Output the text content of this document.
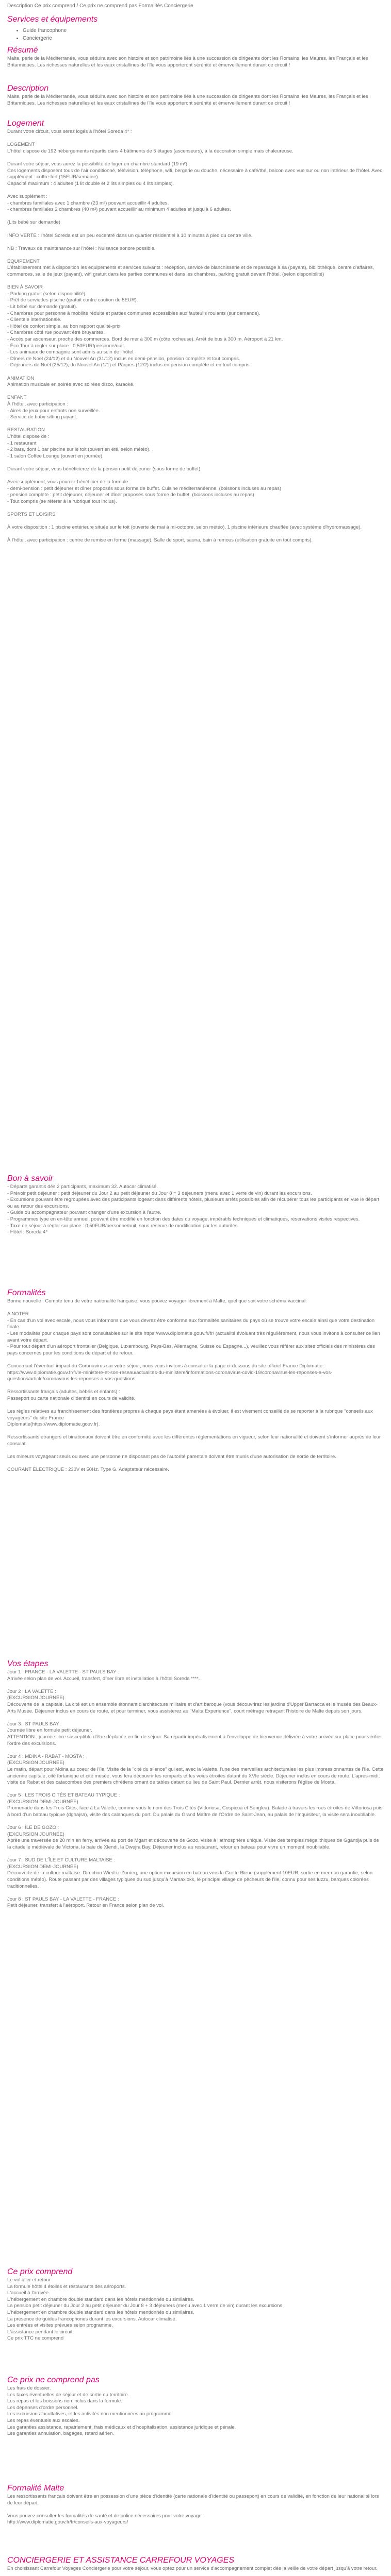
Description Ce prix comprend / Ce prix ne comprend pas Formalités Conciergerie
Services et équipements
• Guide francophone
• Conciergerie
Résumé

Malte, perle de la Méditerranée, vous séduira avec son histoire et son patrimoine liés à une succession de dirigeants dont les Romains, les Maures, les Français et les Britanniques. Les richesses naturelles et les eaux cristallines de l'île vous apporteront sérénité et émerveillement durant ce circuit !

Description

Malte, perle de la Méditerranée, vous séduira avec son histoire et son patrimoine liés à une succession de dirigeants dont les Romains, les Maures, les Français et les Britanniques. Les richesses naturelles et les eaux cristallines de l'île vous apporteront sérénité et émerveillement durant ce circuit !

Logement

Durant votre circuit, vous serez logés à l'hôtel Soreda 4* :

LOGEMENT
L'hôtel dispose de 192 hébergements répartis dans 4 bâtiments de 5 étages (ascenseurs), à la décoration simple mais chaleureuse.

Durant votre séjour, vous aurez la possibilité de loger en chambre standard (19 m²) :
Ces logements disposent tous de l'air conditionné, télévision, téléphone, wifi, bergerie ou douche, nécessaire à café/thé, balcon avec vue sur ou non intérieur de l'hôtel. Avec supplément : coffre-fort (15EUR/semaine).
Capacité maximum : 4 adultes (1 lit double et 2 lits simples ou 4 lits simples).

Avec supplément :
- chambres familiales avec 1 chambre (23 m²) pouvant accueillir 4 adultes.
- chambres familiales 2 chambres (40 m²) pouvant accueillir au minimum 4 adultes et jusqu'à 6 adultes.

(Lits bébé sur demande)

INFO VERTE : l'hôtel Soreda est un peu excentré dans un quartier résidentiel à 10 minutes à pied du centre ville.

NB : Travaux de maintenance sur l'hôtel : Nuisance sonore possible.

ÉQUIPEMENT
L'établissement met à disposition les équipements et services suivants : réception, service de blanchisserie et de repassage à sa (payant), bibliothèque, centre d'affaires, commerces, salle de jeux (payant), wifi gratuit dans les parties communes et dans les chambres, parking gratuit devant l'hôtel. (selon disponibilité)

BIEN À SAVOIR
- Parking gratuit (selon disponibilité).
- Prêt de serviettes piscine (gratuit contre caution de 5EUR).
- Lit bébé sur demande (gratuit).
- Chambres pour personne à mobilité réduite et parties communes accessibles aux fauteuils roulants (sur demande).
- Clientèle internationale.
- Hôtel de confort simple, au bon rapport qualité-prix.
- Chambres côté rue pouvant être bruyantes.
- Accès par ascenseur, proche des commerces. Bord de mer à 300 m (côte rocheuse). Arrêt de bus à 300 m. Aéroport à 21 km.
- Éco Tour à régler sur place : 0,50EUR/personne/nuit.
- Les animaux de compagnie sont admis au sein de l'hôtel.
- Dîners de Noël (24/12) et du Nouvel An (31/12) inclus en demi-pension, pension complète et tout compris.
- Déjeuners de Noël (25/12), du Nouvel An (1/1) et Pâques (12/2) inclus en pension complète et en tout compris.

ANIMATION
Animation musicale en soirée avec soirées disco, karaoké.

ENFANT
À l'hôtel, avec participation :
- Aires de jeux pour enfants non surveillée.
- Service de baby-sitting payant.

RESTAURATION
L'hôtel dispose de :
- 1 restaurant
- 2 bars, dont 1 bar piscine sur le toit (ouvert en été, selon météo).
- 1 salon Coffee Lounge (ouvert en journée).

Durant votre séjour, vous bénéficierez de la pension petit déjeuner (sous forme de buffet).

Avec supplément, vous pourrez bénéficier de la formule :
- demi-pension : petit déjeuner et dîner proposés sous forme de buffet. Cuisine méditerranéenne. (boissons incluses au repas)
- pension complète : petit déjeuner, déjeuner et dîner proposés sous forme de buffet. (boissons incluses au repas)
- Tout compris (se référer à la rubrique tout inclus).

SPORTS ET LOISIRS

À votre disposition : 1 piscine extérieure située sur le toit (ouverte de mai à mi-octobre, selon météo), 1 piscine intérieure chauffée (avec système d'hydromassage).

À l'hôtel, avec participation : centre de remise en forme (massage). Salle de sport, sauna, bain à remous (utilisation gratuite en tout compris).

Bon à savoir

- Départs garantis dès 2 participants, maximum 32. Autocar climatisé.
- Prévoir petit déjeuner : petit déjeuner du Jour 2 au petit déjeuner du Jour 8 = 3 déjeuners (menu avec 1 verre de vin) durant les excursions.
- Excursions pouvant être regroupées avec des participants logeant dans différents hôtels, plusieurs arrêts possibles afin de récupérer tous les participants en vue le départ ou au retour des excursions.
- Guide ou accompagnateur pouvant changer d'une excursion à l'autre.
- Programmes type en en-tête annuel, pouvant être modifié en fonction des dates du voyage, impératifs techniques et climatiques, réservations visites respectives.
- Taxe de séjour à régler sur place : 0,50EUR/personne/nuit, sous réserve de modification par les autorités.
- Hôtel : Soreda 4*

Formalités

Bonne nouvelle : Compte tenu de votre nationalité française, vous pouvez voyager librement à Malte, quel que soit votre schéma vaccinal.

A NOTER
- En cas d'un vol avec escale, nous vous informons que vous devrez être conforme aux formalités sanitaires du pays où se trouve votre escale ainsi que votre destination finale.
- Les modalités pour chaque pays sont consultables sur le site https://www.diplomatie.gouv.fr/fr/ (actualité évoluant très régulièrement, nous vous invitons à consulter ce lien avant votre départ.
- Pour tout départ d'un aéroport frontalier (Belgique, Luxembourg, Pays-Bas, Allemagne, Suisse ou Espagne...), veuillez vous référer aux sites officiels des ministères des pays concernés pour les conditions de départ et de retour.

Concernant l'éventuel impact du Coronavirus sur votre séjour, nous vous invitons à consulter la page ci-dessous du site officiel France Diplomatie :
https://www.diplomatie.gouv.fr/fr/le-ministere-et-son-reseau/actualites-du-ministere/informations-coronavirus-covid-19/coronavirus-les-reponses-a-vos-questions/article/coronavirus-les-reponses-a-vos-questions

Ressortissants français (adultes, bébés et enfants) :
Passeport ou carte nationale d'identité en cours de validité.

Les règles relatives au franchissement des frontières propres à chaque pays étant amenées à évoluer, il est vivement conseillé de se reporter à la rubrique "conseils aux voyageurs" du site France
Diplomatie(https://www.diplomatie.gouv.fr).

Ressortissants étrangers et binationaux doivent être en conformité avec les différentes réglementations en vigueur, selon leur nationalité et doivent s'informer auprès de leur consulat.

Les mineurs voyageant seuls ou avec une personne ne disposant pas de l'autorité parentale doivent être munis d'une autorisation de sortie de territoire.

COURANT ÉLECTRIQUE : 230V et 50Hz. Type G. Adaptateur nécessaire.

Vos étapes

Jour 1 : FRANCE - LA VALETTE - ST PAULS BAY :
Arrivée selon plan de vol. Accueil, transfert, dîner libre et installation à l'hôtel Soreda ****.

Jour 2 : LA VALETTE :
(EXCURSION JOURNÉE)
Découverte de la capitale. La cité est un ensemble étonnant d'architecture militaire et d'art baroque (vous découvrirez les jardins d'Upper Barracca et le musée des Beaux-Arts Musée. Déjeuner inclus en cours de route, et pour terminer, vous assisterez au "Malta Experience", court métrage retraçant l'histoire de Malte depuis son jours.

Jour 3 : ST PAULS BAY :
Journée libre en formule petit déjeuner.
ATTENTION : journée libre susceptible d'être déplacée en fin de séjour. Sa répartir impérativement à l'enveloppe de bienvenue délivrée à votre arrivée sur place pour vérifier l'ordre des excursions.

Jour 4 : MDINA - RABAT - MOSTA :
(EXCURSION JOURNÉE)
Le matin, départ pour Mdina au coeur de l'île. Visite de la "cité du silence" qui est, avec la Valette, l'une des merveilles architecturales les plus impressionnantes de l'île. Cette ancienne capitale, cité fortanique et cité musée, vous fera découvrir les remparts et les voies étroites datant du XVIe siècle. Déjeuner inclus en cours de route. L'après-midi, visite de Rabat et des catacombes des premiers chrétiens ornant de tables datant du lieu de Saint Paul. Dernier arrêt, nous visiterons l'église de Mosta.

Jour 5 : LES TROIS CITÉS ET BATEAU TYPIQUE :
(EXCURSION DEMI-JOURNÉE)
Promenade dans les Trois Cités, face à La Valette, comme vous le nom des Trois Cités (Vittoriosa, Cospicua et Senglea). Balade à travers les rues étroites de Vittoriosa puis à bord d'un bateau typique (dghajsa), visite des calanques du port. Du palais du Grand Maître de l'Ordre de Saint-Jean, au palais de l'Inquisiteur, la visite sera inoubliable.

Jour 6 : ÎLE DE GOZO :
(EXCURSION JOURNÉE)
Après une traversée de 20 min en ferry, arrivée au port de Mgarr et découverte de Gozo, visite à l'atmosphère unique. Visite des temples mégalithiques de Ggantija puis de la citadelle médiévale de Victoria, la baie de Xlendi, la Dwejra Bay. Déjeuner inclus au restaurant, retour en bateau pour vivre un moment inoubliable.

Jour 7 : SUD DE L'ÎLE ET CULTURE MALTAISE :
(EXCURSION DEMI-JOURNÉE)
Découverte de la culture maltaise. Direction Wied-iz-Zurrieq, une option excursion en bateau vers la Grotte Bleue (supplément 10EUR, sortie en mer non garantie, selon conditions météo). Route passant par des villages typiques du sud jusqu'à Marsaxlokk, le principal village de pêcheurs de l'île, connu pour ses luzzu, barques colorées traditionnelles.

Jour 8 : ST PAULS BAY - LA VALETTE - FRANCE :
Petit déjeuner, transfert à l'aéroport. Retour en France selon plan de vol.

Ce prix comprend

Le vol aller et retour
La formule hôtel 4 étoiles et restaurants des aéroports.
L'accueil à l'arrivée.
L'hébergement en chambre double standard dans les hôtels mentionnés ou similaires.
La pension petit déjeuner du Jour 2 au petit déjeuner du Jour 8 + 3 déjeuners (menu avec 1 verre de vin) durant les excursions.
L'hébergement en chambre double standard dans les hôtels mentionnés ou similaires.
La présence de guides francophones durant les excursions. Autocar climatisé.
Les entrées et visites prévues selon programme.
L'assistance pendant le circuit.
Ce prix TTC ne comprend

Ce prix ne comprend pas

Les frais de dossier.
Les taxes éventuelles de séjour et de sortie du territoire.
Les repas et les boissons non inclus dans la formule.
Les dépenses d'ordre personnel.
Les excursions facultatives, et les activités non mentionnées au programme.
Les repas éventuels aux escales.
Les garanties assistance, rapatriement, frais médicaux et d'hospitalisation, assistance juridique et pénale.
Les garanties annulation, bagages, retard aérien.

Formalité Malte

Les ressortissants français doivent être en possession d'une pièce d'identité (carte nationale d'identité ou passeport) en cours de validité, en fonction de leur nationalité lors de leur départ.

Vous pouvez consulter les formalités de santé et de police nécessaires pour votre voyage :
http://www.diplomatie.gouv.fr/fr/conseils-aux-voyageurs/

CONCIERGERIE ET ASSISTANCE CARREFOUR VOYAGES

En choisissant Carrefour Voyages Conciergerie pour votre séjour, vous optez pour un service d'accompagnement complet dès la veille de votre départ jusqu'à votre retour.
